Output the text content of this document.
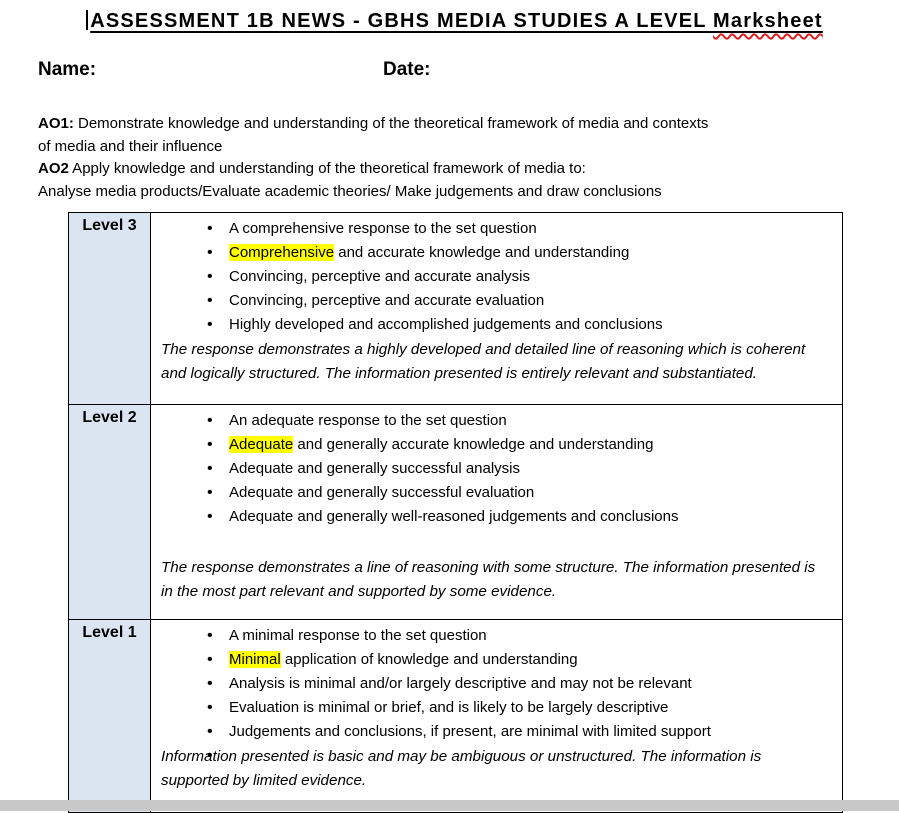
ASSESSMENT 1B NEWS - GBHS MEDIA STUDIES A LEVEL Marksheet
Name:	Date:
AO1: Demonstrate knowledge and understanding of the theoretical framework of media and contexts
of media and their influence
AO2 Apply knowledge and understanding of the theoretical framework of media to:
Analyse media products/Evaluate academic theories/ Make judgements and draw conclusions
Level 3	
•A comprehensive response to the set question
• Comprehensive and accurate knowledge and understanding
• Convincing, perceptive and accurate analysis
• Convincing, perceptive and accurate evaluation
• Highly developed and accomplished judgements and conclusions

The response demonstrates a highly developed and detailed line of reasoning which is coherent and logically structured. The information presented is entirely relevant and substantiated.

Level 2	
•An adequate response to the set question
• Adequate and generally accurate knowledge and understanding
• Adequate and generally successful analysis
• Adequate and generally successful evaluation
• Adequate and generally well-reasoned judgements and conclusions

The response demonstrates a line of reasoning with some structure. The information presented is in the most part relevant and supported by some evidence.

Level 1	
•A minimal response to the set question
• Minimal application of knowledge and understanding
• Analysis is minimal and/or largely descriptive and may not be relevant
• Evaluation is minimal or brief, and is likely to be largely descriptive
• Judgements and conclusions, if present, are minimal with limited support

Information presented is basic and may be ambiguous or unstructured. The information is supported by limited evidence.
